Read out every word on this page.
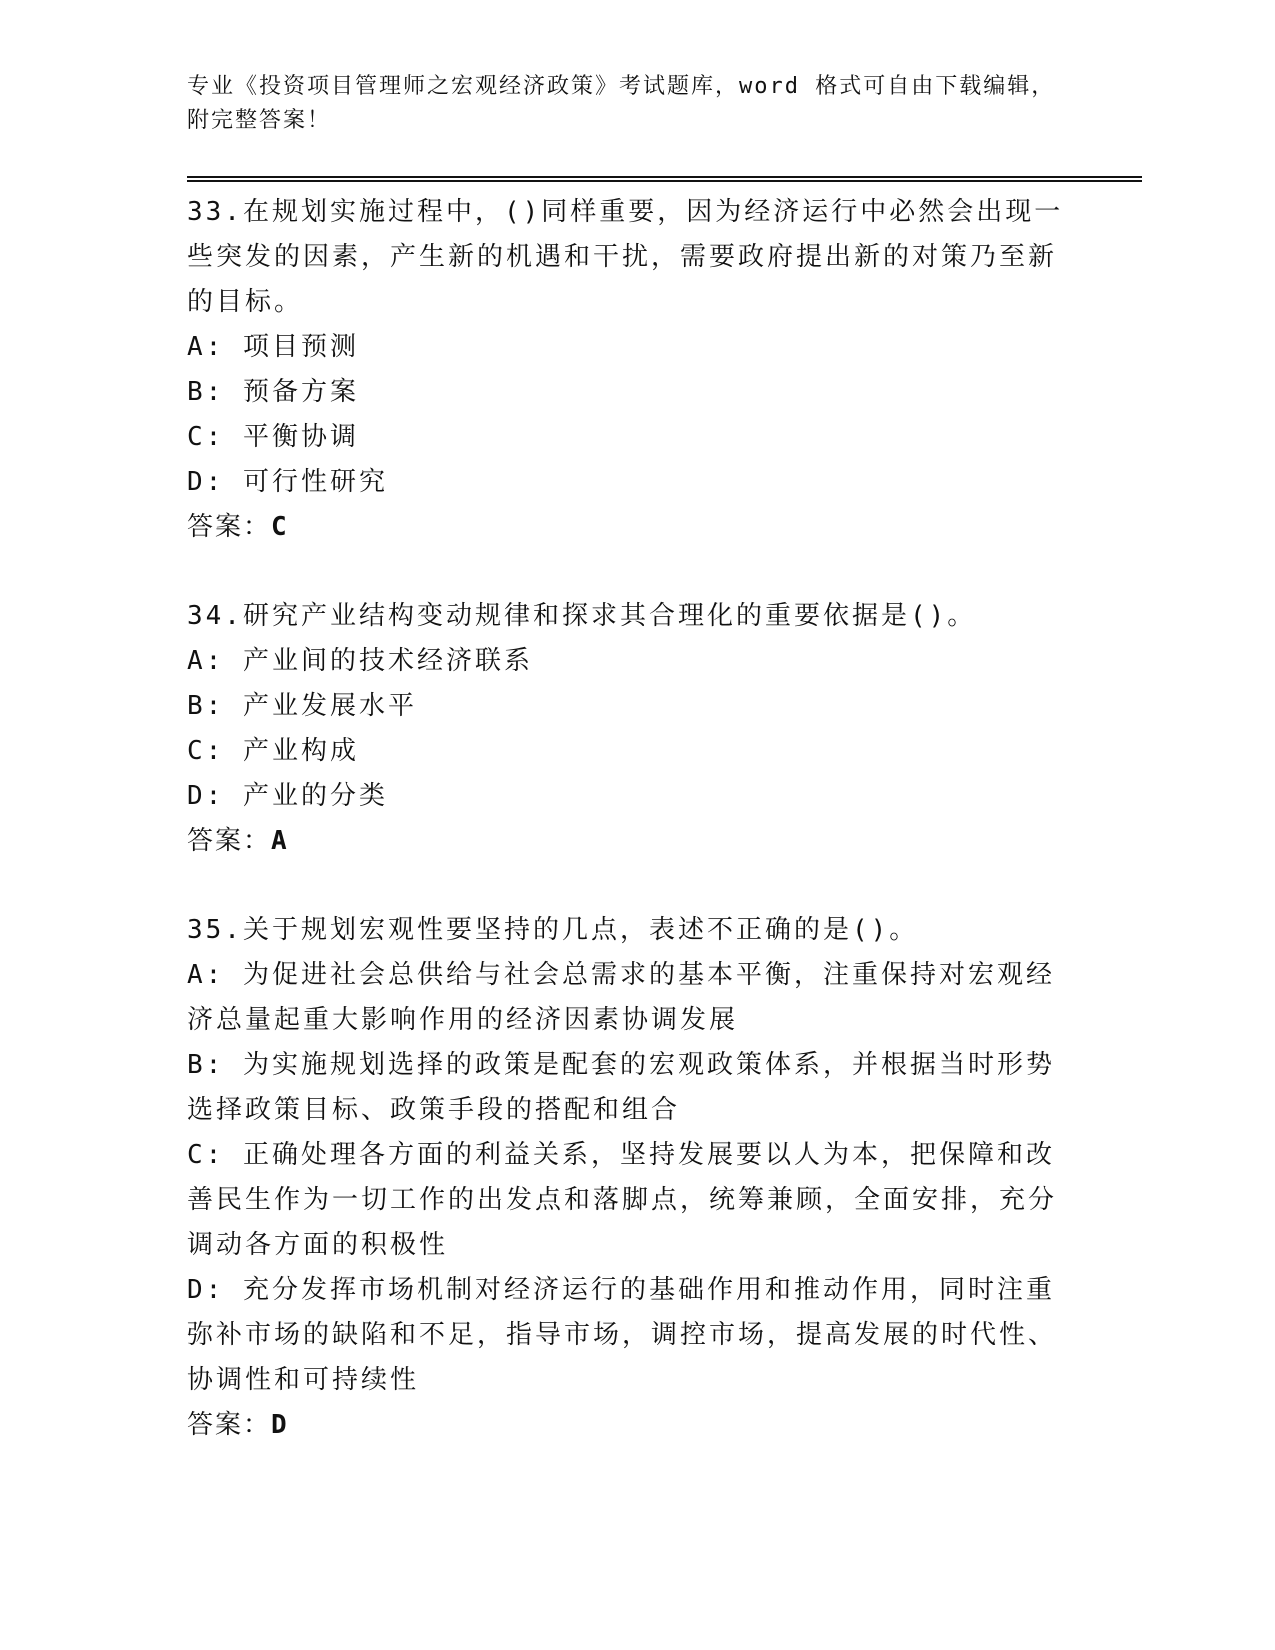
专业《投资项目管理师之宏观经济政策》考试题库，word 格式可自由下载编辑，
附完整答案！

33.在规划实施过程中，()同样重要，因为经济运行中必然会出现一些突发的因素，产生新的机遇和干扰，需要政府提出新的对策乃至新的目标。

A: 项目预测

B: 预备方案

C: 平衡协调

D: 可行性研究

答案：C

34.研究产业结构变动规律和探求其合理化的重要依据是()。

A: 产业间的技术经济联系

B: 产业发展水平

C: 产业构成

D: 产业的分类

答案：A

35.关于规划宏观性要坚持的几点，表述不正确的是()。

A: 为促进社会总供给与社会总需求的基本平衡，注重保持对宏观经济总量起重大影响作用的经济因素协调发展

B: 为实施规划选择的政策是配套的宏观政策体系，并根据当时形势选择政策目标、政策手段的搭配和组合

C: 正确处理各方面的利益关系，坚持发展要以人为本，把保障和改善民生作为一切工作的出发点和落脚点，统筹兼顾，全面安排，充分调动各方面的积极性

D: 充分发挥市场机制对经济运行的基础作用和推动作用，同时注重弥补市场的缺陷和不足，指导市场，调控市场，提高发展的时代性、协调性和可持续性

答案：D
